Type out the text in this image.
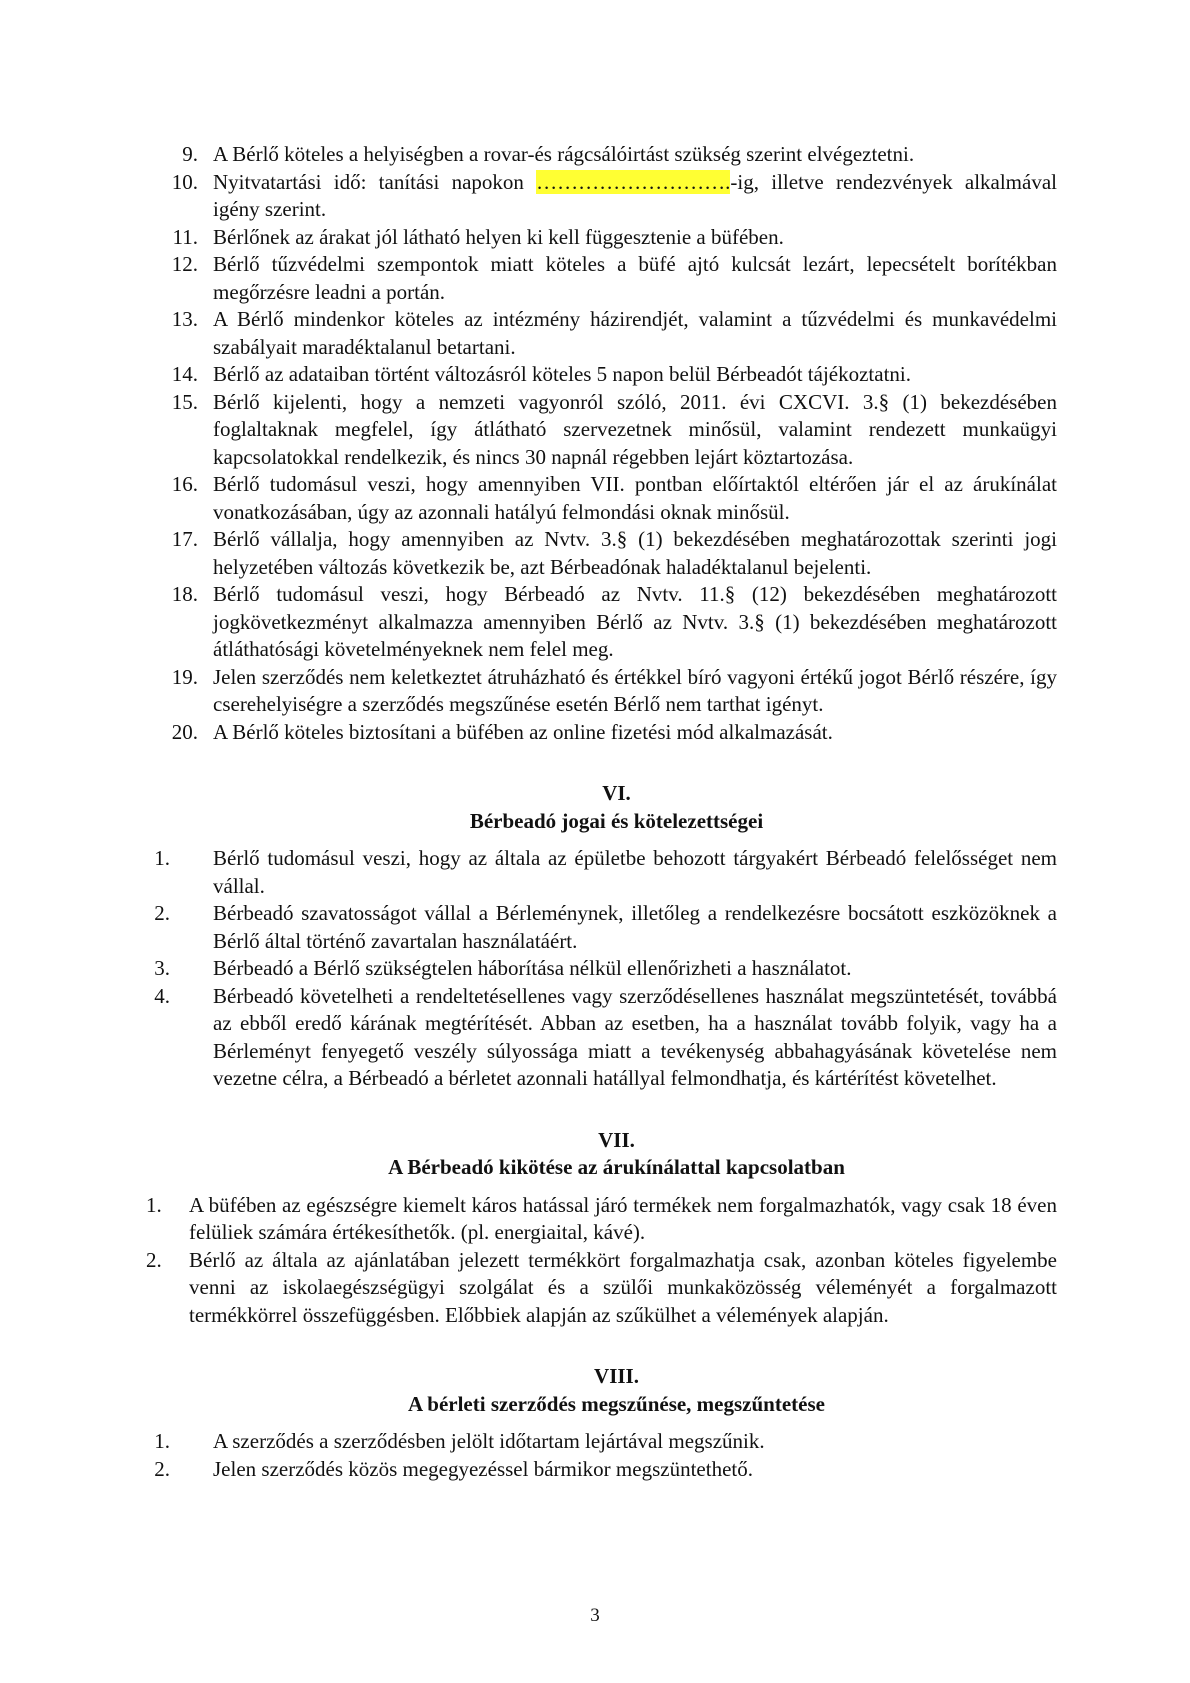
9. A Bérlő köteles a helyiségben a rovar-és rágcsálóirtást szükség szerint elvégeztetni.
10. Nyitvatartási idő: tanítási napokon ……………………….-ig, illetve rendezvények alkalmával igény szerint.
11. Bérlőnek az árakat jól látható helyen ki kell függesztenie a büfében.
12. Bérlő tűzvédelmi szempontok miatt köteles a büfé ajtó kulcsát lezárt, lepecsételt borítékban megőrzésre leadni a portán.
13. A Bérlő mindenkor köteles az intézmény házirendjét, valamint a tűzvédelmi és munkavédelmi szabályait maradéktalanul betartani.
14. Bérlő az adataiban történt változásról köteles 5 napon belül Bérbeadót tájékoztatni.
15. Bérlő kijelenti, hogy a nemzeti vagyonról szóló, 2011. évi CXCVI. 3.§ (1) bekezdésében foglaltaknak megfelel, így átlátható szervezetnek minősül, valamint rendezett munkaügyi kapcsolatokkal rendelkezik, és nincs 30 napnál régebben lejárt köztartozása.
16. Bérlő tudomásul veszi, hogy amennyiben VII. pontban előírtaktól eltérően jár el az árukínálat vonatkozásában, úgy az azonnali hatályú felmondási oknak minősül.
17. Bérlő vállalja, hogy amennyiben az Nvtv. 3.§ (1) bekezdésében meghatározottak szerinti jogi helyzetében változás következik be, azt Bérbeadónak haladéktalanul bejelenti.
18. Bérlő tudomásul veszi, hogy Bérbeadó az Nvtv. 11.§ (12) bekezdésében meghatározott jogkövetkezményt alkalmazza amennyiben Bérlő az Nvtv. 3.§ (1) bekezdésében meghatározott átláthatósági követelményeknek nem felel meg.
19. Jelen szerződés nem keletkeztet átruházható és értékkel bíró vagyoni értékű jogot Bérlő részére, így cserehelyiségre a szerződés megszűnése esetén Bérlő nem tarthat igényt.
20. A Bérlő köteles biztosítani a büfében az online fizetési mód alkalmazását.
VI.
Bérbeadó jogai és kötelezettségei
1.	Bérlő tudomásul veszi, hogy az általa az épületbe behozott tárgyakért Bérbeadó felelősséget nem vállal.
2.	Bérbeadó szavatosságot vállal a Bérleménynek, illetőleg a rendelkezésre bocsátott eszközöknek a Bérlő által történő zavartalan használatáért.
3.	Bérbeadó a Bérlő szükségtelen háborítása nélkül ellenőrizheti a használatot.
4.	Bérbeadó követelheti a rendeltetésellenes vagy szerződésellenes használat megszüntetését, továbbá az ebből eredő kárának megtérítését. Abban az esetben, ha a használat tovább folyik, vagy ha a Bérleményt fenyegető veszély súlyossága miatt a tevékenység abbahagyásának követelése nem vezetne célra, a Bérbeadó a bérletet azonnali hatállyal felmondhatja, és kártérítést követelhet.
VII.
A Bérbeadó kikötése az árukínálattal kapcsolatban
1.	A büfében az egészségre kiemelt káros hatással járó termékek nem forgalmazhatók, vagy csak 18 éven felüliek számára értékesíthetők. (pl. energiaital, kávé).
2.	Bérlő az általa az ajánlatában jelezett termékkört forgalmazhatja csak, azonban köteles figyelembe venni az iskolaegészségügyi szolgálat és a szülői munkaközösség véleményét a forgalmazott termékkörrel összefüggésben. Előbbiek alapján az szűkülhet a vélemények alapján.
VIII.
A bérleti szerződés megszűnése, megszűntetése
1.	A szerződés a szerződésben jelölt időtartam lejártával megszűnik.
2.	Jelen szerződés közös megegyezéssel bármikor megszüntethető.
3
